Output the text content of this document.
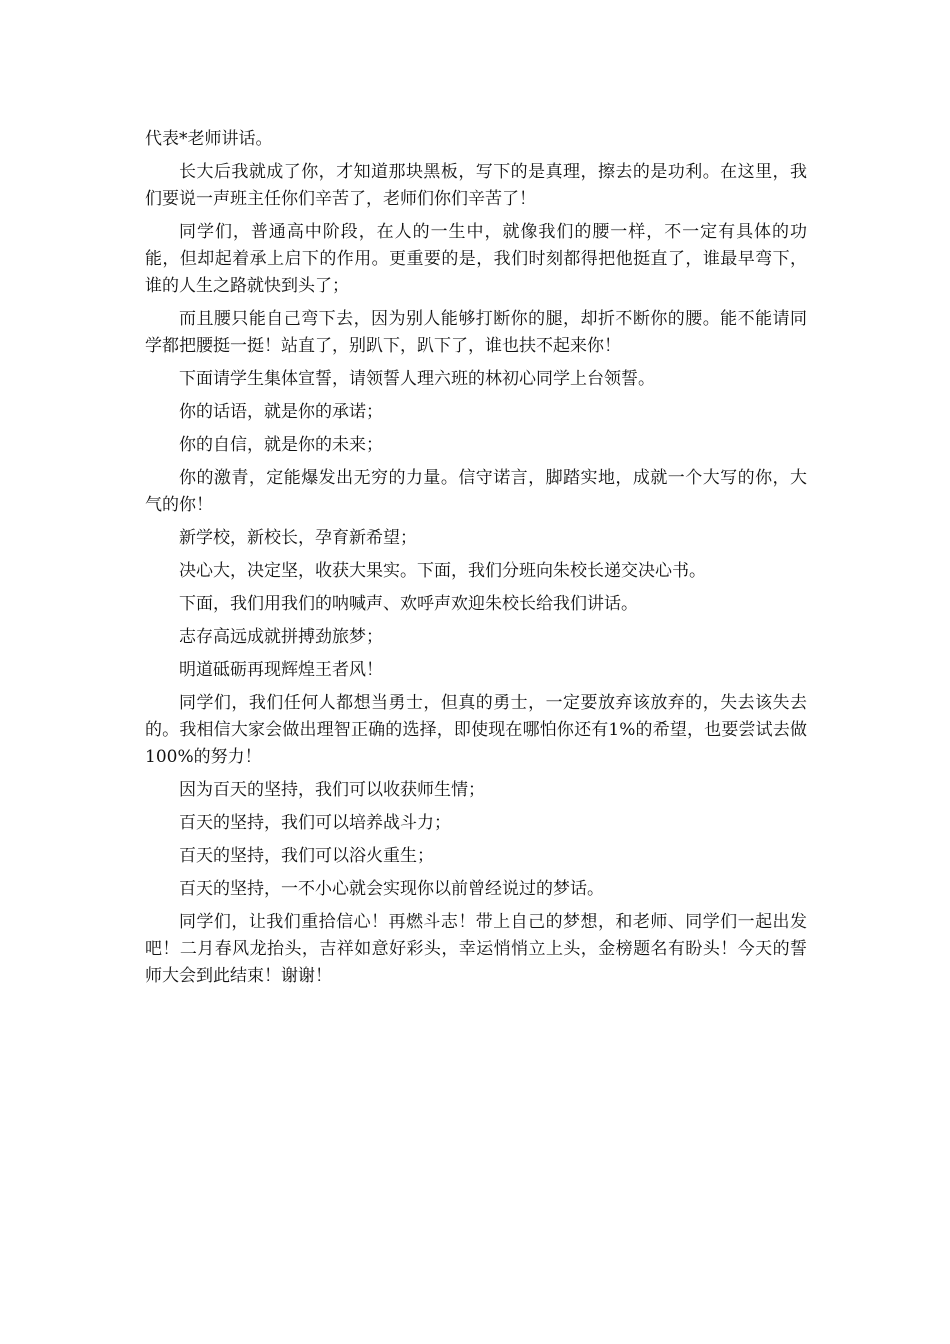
代表*老师讲话。

长大后我就成了你，才知道那块黑板，写下的是真理，擦去的是功利。在这里，我们要说一声班主任你们辛苦了，老师们你们辛苦了！

同学们，普通高中阶段，在人的一生中，就像我们的腰一样，不一定有具体的功能，但却起着承上启下的作用。更重要的是，我们时刻都得把他挺直了，谁最早弯下，谁的人生之路就快到头了；

而且腰只能自己弯下去，因为别人能够打断你的腿，却折不断你的腰。能不能请同学都把腰挺一挺！站直了，别趴下，趴下了，谁也扶不起来你！

下面请学生集体宣誓，请领誓人理六班的林初心同学上台领誓。

你的话语，就是你的承诺；

你的自信，就是你的未来；

你的激青，定能爆发出无穷的力量。信守诺言，脚踏实地，成就一个大写的你，大气的你！

新学校，新校长，孕育新希望；

决心大，决定坚，收获大果实。下面，我们分班向朱校长递交决心书。

下面，我们用我们的呐喊声、欢呼声欢迎朱校长给我们讲话。

志存高远成就拼搏劲旅梦；

明道砥砺再现辉煌王者风！

同学们，我们任何人都想当勇士，但真的勇士，一定要放弃该放弃的，失去该失去的。我相信大家会做出理智正确的选择，即使现在哪怕你还有1%的希望，也要尝试去做100%的努力！

因为百天的坚持，我们可以收获师生情；

百天的坚持，我们可以培养战斗力；

百天的坚持，我们可以浴火重生；

百天的坚持，一不小心就会实现你以前曾经说过的梦话。

同学们，让我们重拾信心！再燃斗志！带上自己的梦想，和老师、同学们一起出发吧！二月春风龙抬头，吉祥如意好彩头，幸运悄悄立上头，金榜题名有盼头！今天的誓师大会到此结束！谢谢！
